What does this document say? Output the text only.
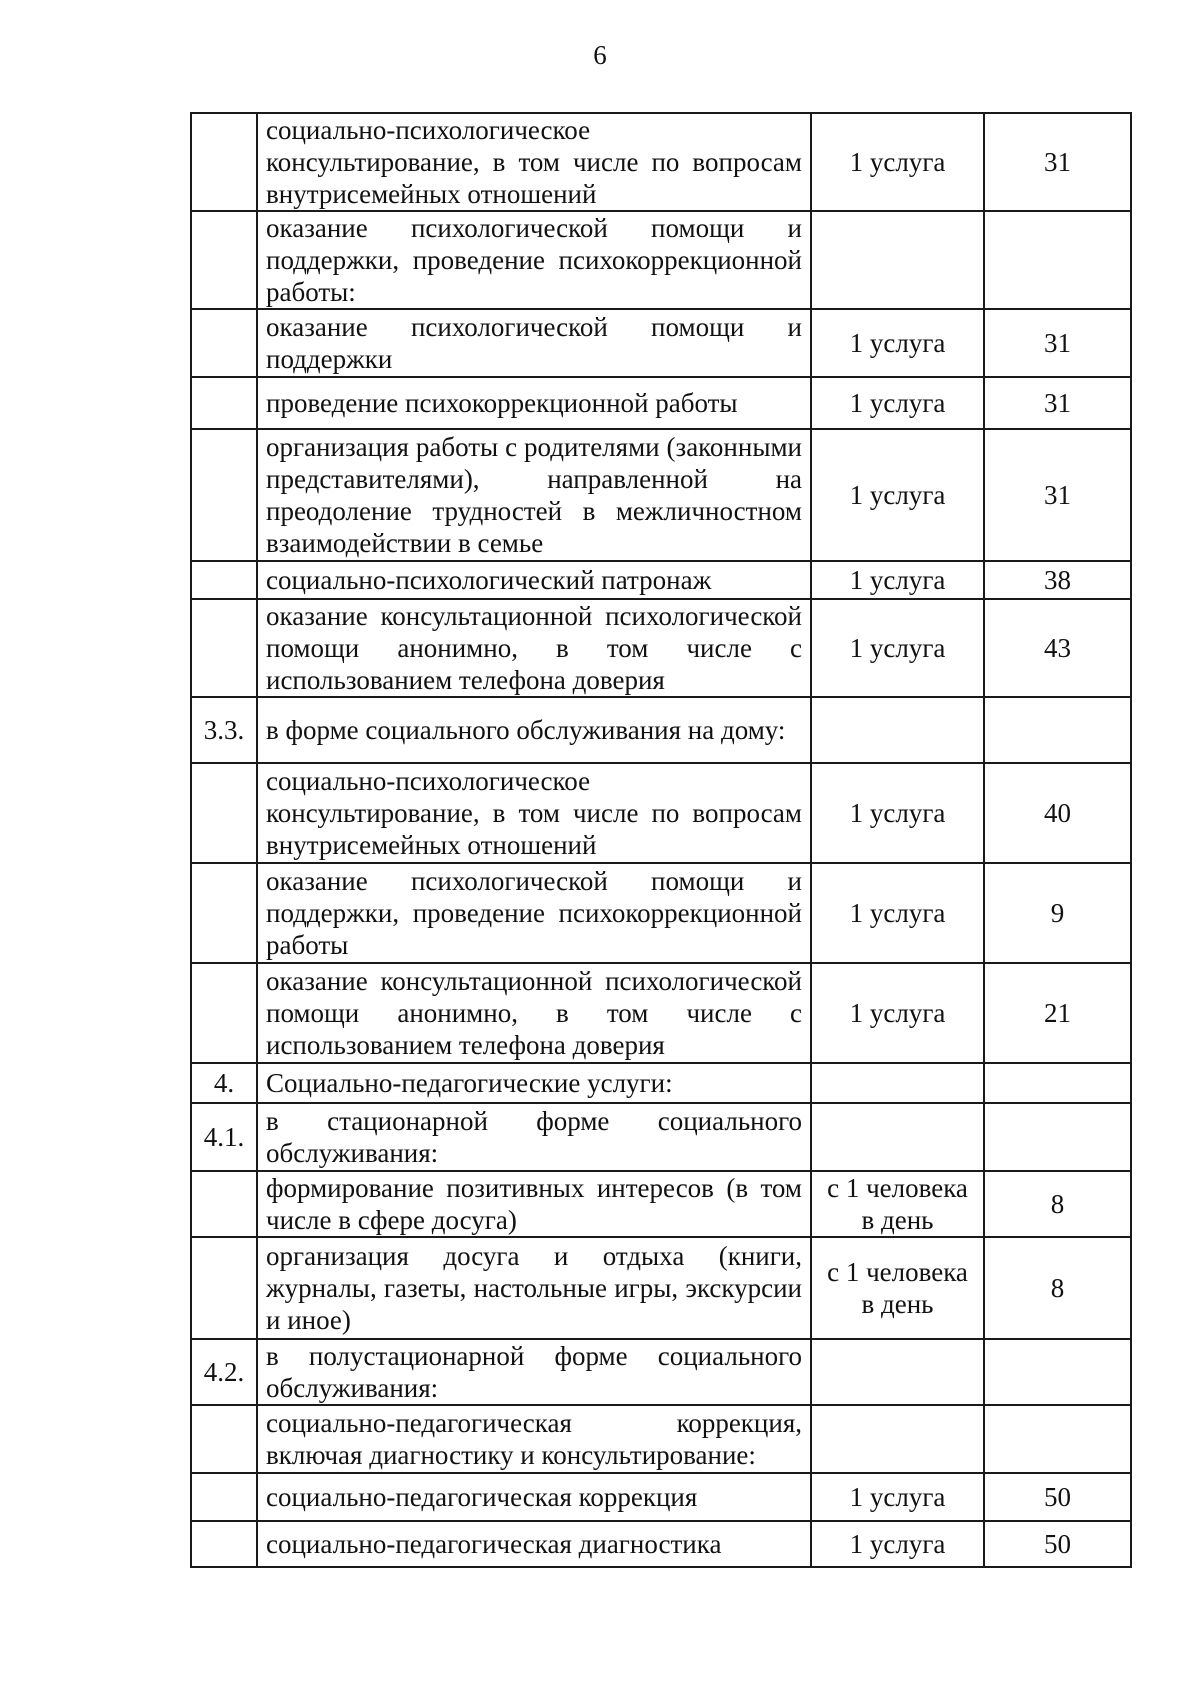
6
	социально-психологическое консультирование, в том числе по вопросам внутрисемейных отношений	1 услуга	31
	оказание психологической помощи и поддержки, проведение психокоррекционной работы:		
	оказание психологической помощи и поддержки	1 услуга	31
	проведение психокоррекционной работы	1 услуга	31
	организация работы с родителями (законными представителями), направленной на преодоление трудностей в межличностном взаимодействии в семье	1 услуга	31
	социально-психологический патронаж	1 услуга	38
	оказание консультационной психологической помощи анонимно, в том числе с использованием телефона доверия	1 услуга	43
3.3.	в форме социального обслуживания на дому:		
	социально-психологическое консультирование, в том числе по вопросам внутрисемейных отношений	1 услуга	40
	оказание психологической помощи и поддержки, проведение психокоррекционной работы	1 услуга	9
	оказание консультационной психологической помощи анонимно, в том числе с использованием телефона доверия	1 услуга	21
4.	Социально-педагогические услуги:		
4.1.	в стационарной форме социального обслуживания:		
	формирование позитивных интересов (в том числе в сфере досуга)	с 1 человека в день	8
	организация досуга и отдыха (книги, журналы, газеты, настольные игры, экскурсии и иное)	с 1 человека в день	8
4.2.	в полустационарной форме социального обслуживания:		
	социально-педагогическая коррекция, включая диагностику и консультирование:		
	социально-педагогическая коррекция	1 услуга	50
	социально-педагогическая диагностика	1 услуга	50
